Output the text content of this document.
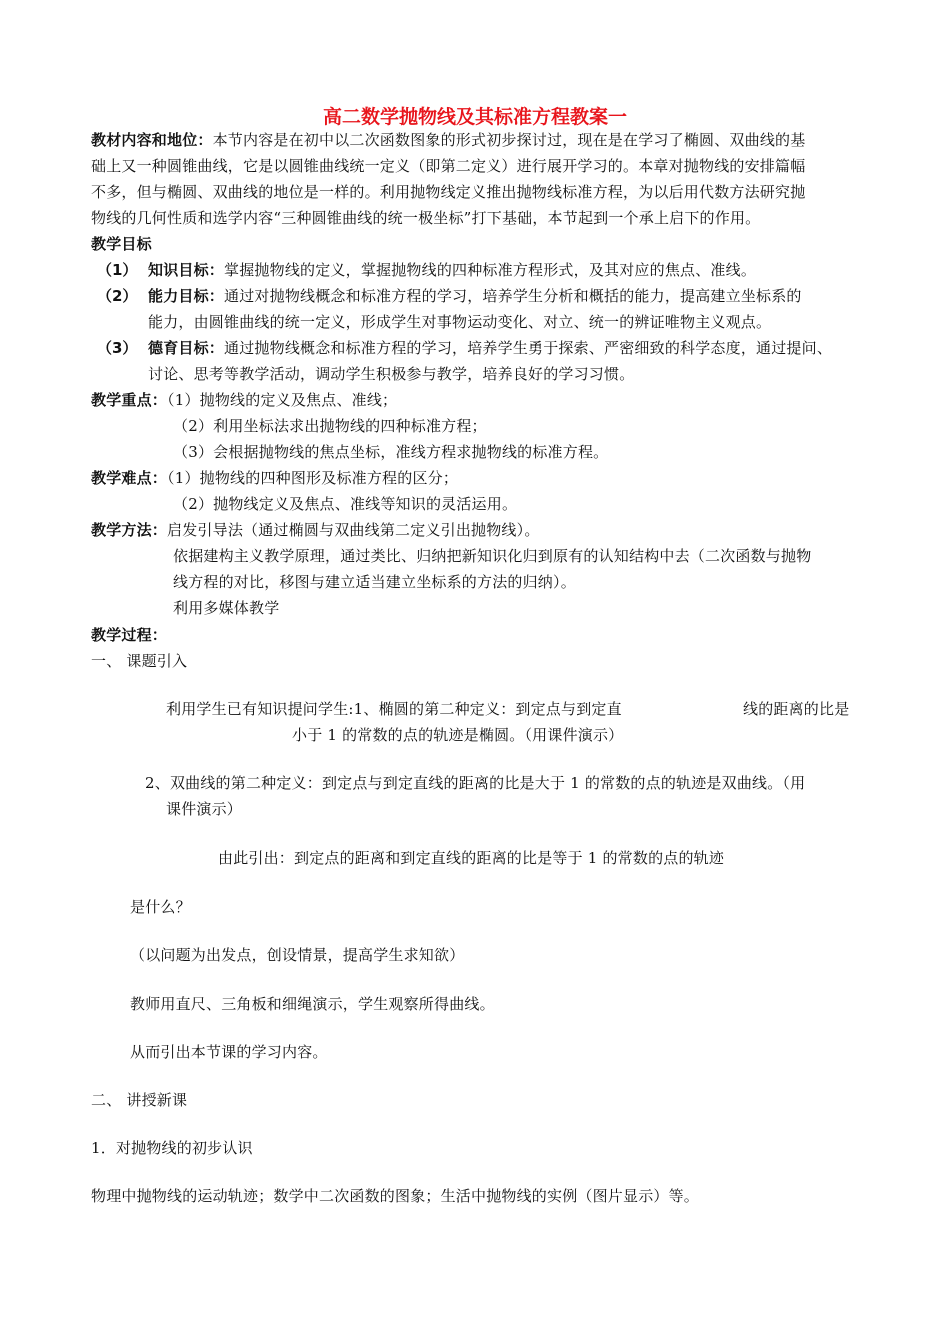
高二数学抛物线及其标准方程教案一
教材内容和地位：本节内容是在初中以二次函数图象的形式初步探讨过，现在是在学习了椭圆、双曲线的基
础上又一种圆锥曲线，它是以圆锥曲线统一定义（即第二定义）进行展开学习的。本章对抛物线的安排篇幅
不多，但与椭圆、双曲线的地位是一样的。利用抛物线定义推出抛物线标准方程，为以后用代数方法研究抛
物线的几何性质和选学内容“三种圆锥曲线的统一极坐标”打下基础，本节起到一个承上启下的作用。
教学目标
（1） 知识目标：掌握抛物线的定义，掌握抛物线的四种标准方程形式，及其对应的焦点、准线。
（2） 能力目标：通过对抛物线概念和标准方程的学习，培养学生分析和概括的能力，提高建立坐标系的
能力，由圆锥曲线的统一定义，形成学生对事物运动变化、对立、统一的辨证唯物主义观点。
（3） 德育目标：通过抛物线概念和标准方程的学习，培养学生勇于探索、严密细致的科学态度，通过提问、
讨论、思考等教学活动，调动学生积极参与教学，培养良好的学习习惯。
教学重点：（1）抛物线的定义及焦点、准线；
（2）利用坐标法求出抛物线的四种标准方程；
（3）会根据抛物线的焦点坐标，准线方程求抛物线的标准方程。
教学难点：（1）抛物线的四种图形及标准方程的区分；
（2）抛物线定义及焦点、准线等知识的灵活运用。
教学方法：启发引导法（通过椭圆与双曲线第二定义引出抛物线）。
依据建构主义教学原理，通过类比、归纳把新知识化归到原有的认知结构中去（二次函数与抛物
线方程的对比，移图与建立适当建立坐标系的方法的归纳）。
利用多媒体教学
教学过程：
一、 课题引入
利用学生已有知识提问学生:1、椭圆的第二种定义：到定点与到定直	线的距离的比是
小于 1 的常数的点的轨迹是椭圆。（用课件演示）
2、双曲线的第二种定义：到定点与到定直线的距离的比是大于 1 的常数的点的轨迹是双曲线。（用
课件演示）
由此引出：到定点的距离和到定直线的距离的比是等于 1 的常数的点的轨迹
是什么？
（以问题为出发点，创设情景，提高学生求知欲）
教师用直尺、三角板和细绳演示，学生观察所得曲线。
从而引出本节课的学习内容。
二、 讲授新课
1．对抛物线的初步认识
物理中抛物线的运动轨迹；数学中二次函数的图象；生活中抛物线的实例（图片显示）等。
